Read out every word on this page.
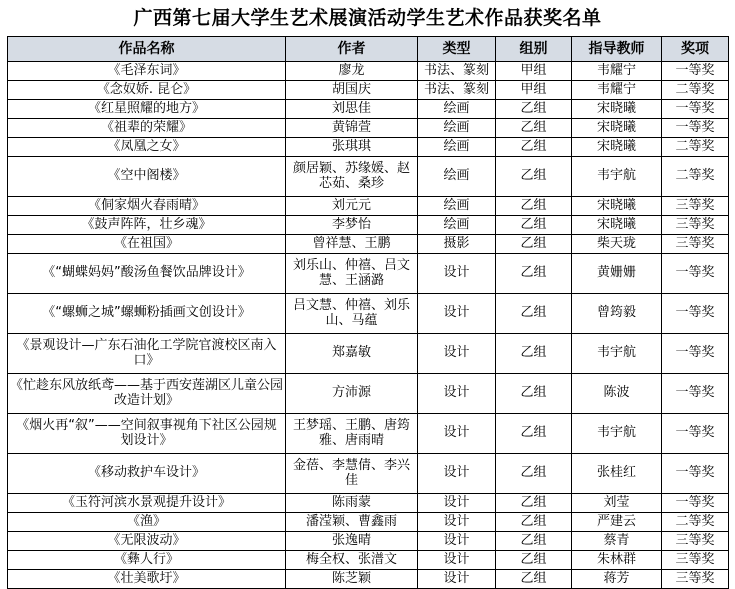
广西第七届大学生艺术展演活动学生艺术作品获奖名单
作品名称	作者	类型	组别	指导教师	奖项
《毛泽东词》	廖龙	书法、篆刻	甲组	韦耀宁	一等奖
《念奴娇. 昆仑》	胡国庆	书法、篆刻	甲组	韦耀宁	二等奖
《红星照耀的地方》	刘思佳	绘画	乙组	宋晓曦	一等奖
《祖辈的荣耀》	黄锦萱	绘画	乙组	宋晓曦	一等奖
《凤凰之女》	张琪琪	绘画	乙组	宋晓曦	二等奖
《空中阁楼》	颜居颖、苏缘媛、赵芯茹、桑珍	绘画	乙组	韦宇航	二等奖
《侗家烟火春雨晴》	刘元元	绘画	乙组	宋晓曦	三等奖
《鼓声阵阵，壮乡魂》	李梦怡	绘画	乙组	宋晓曦	三等奖
《在祖国》	曾祥慧、王鹏	摄影	乙组	柴天珑	三等奖
《“蝴蝶妈妈”酸汤鱼餐饮品牌设计》	刘乐山、仲禧、吕文慧、王涵潞	设计	乙组	黄姗姗	一等奖
《“螺蛳之城”螺蛳粉插画文创设计》	吕文慧、仲禧、刘乐山、马蕴	设计	乙组	曾筠毅	一等奖
《景观设计—广东石油化工学院官渡校区南入口》	郑嘉敏	设计	乙组	韦宇航	一等奖
《忙趁东风放纸鸢——基于西安莲湖区儿童公园改造计划》	方沛源	设计	乙组	陈波	一等奖
《烟火再“叙”——空间叙事视角下社区公园规划设计》	王梦瑶、王鹏、唐筠雅、唐雨晴	设计	乙组	韦宇航	一等奖
《移动救护车设计》	金蓓、李慧倩、李兴佳	设计	乙组	张桂红	一等奖
《玉符河滨水景观提升设计》	陈雨蒙	设计	乙组	刘莹	一等奖
《渔》	潘滢颖、曹鑫雨	设计	乙组	严建云	二等奖
《无限波动》	张逸晴	设计	乙组	蔡青	三等奖
《彝人行》	梅全权、张潽文	设计	乙组	朱林群	三等奖
《壮美歌圩》	陈芝颖	设计	乙组	蒋芳	三等奖
